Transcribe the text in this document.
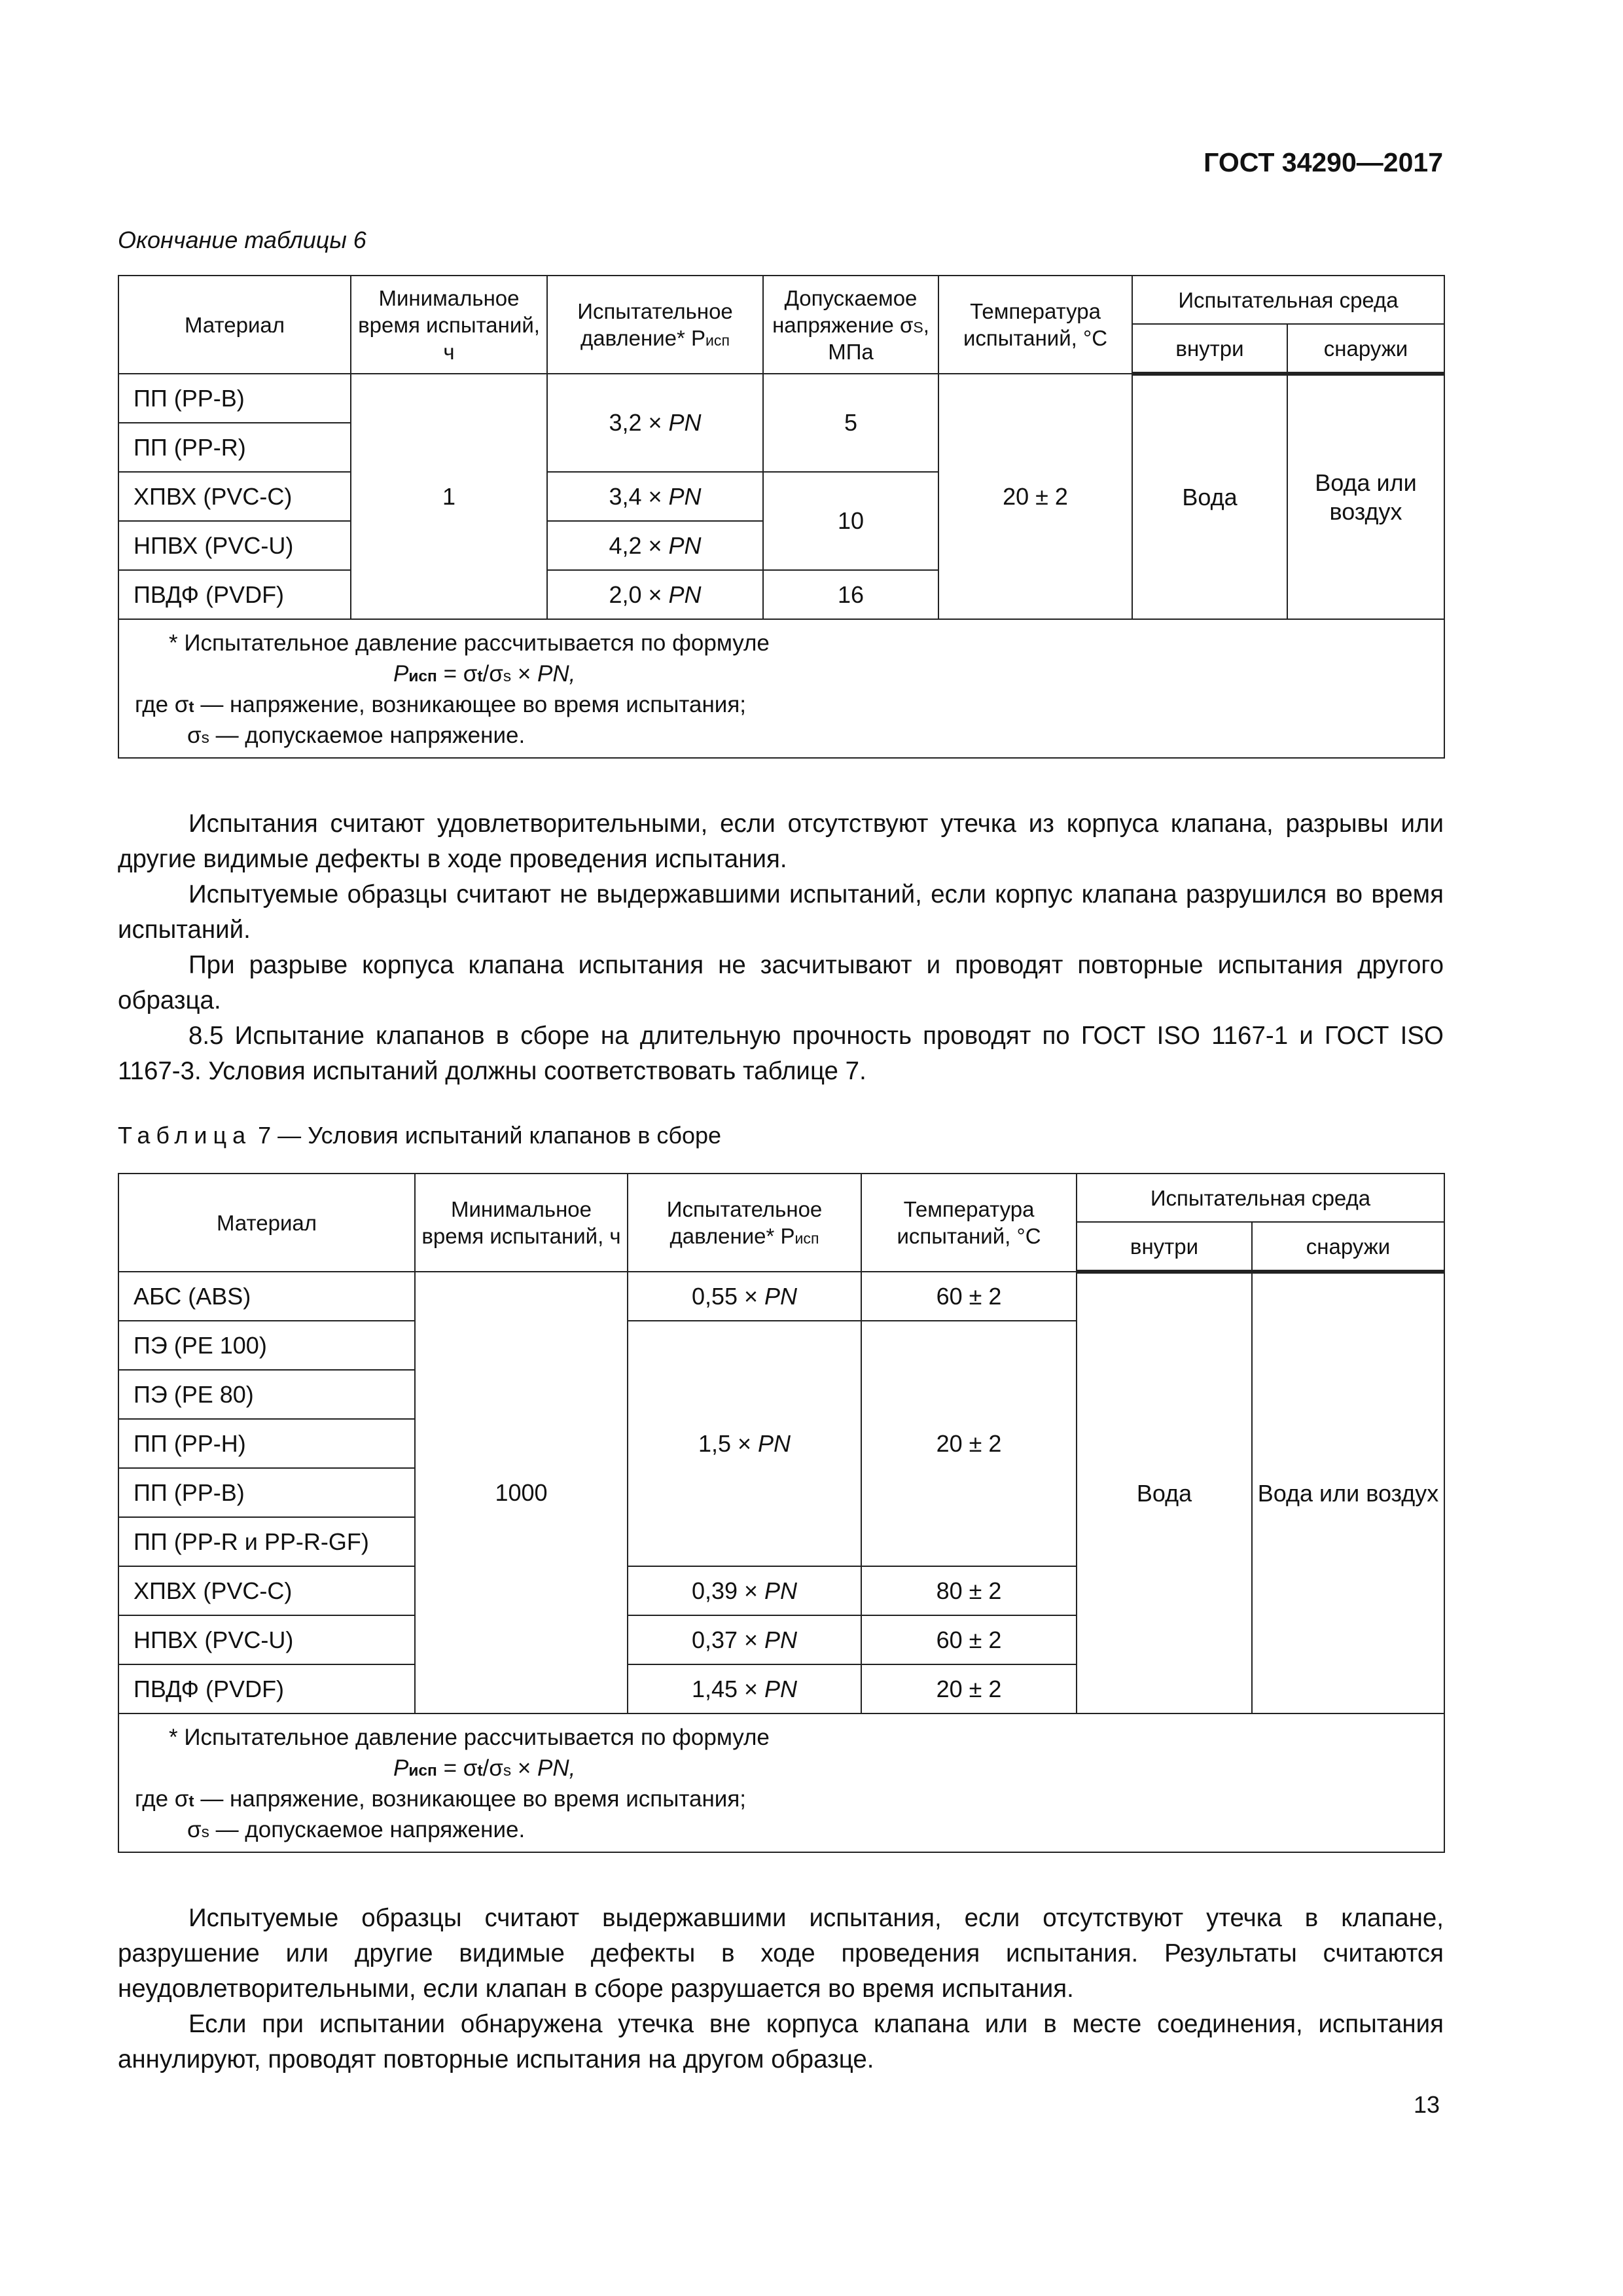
ГОСТ 34290—2017
Окончание таблицы 6
Материал	Минимальное время испытаний, ч	Испытательное давление* $Р_{исп}$	Допускаемое напряжение $\sigma_S$, МПа	Температура испытаний, °С	Испытательная среда	
					внутри	снаружи
ПП (PP-B)	1	3,2 × PN	5	20 ± 2	Вода	Вода или воздух
ПП (PP-R)						
ХПВХ (PVC-C)		3,4 × PN	10			
НПВХ (PVC-U)		4,2 × PN				
ПВДФ (PVDF)		2,0 × PN	16			

* Испытательное давление рассчитывается по формуле
$Р_{исп} = \sigma_t/\sigma_s$ × PN,
где $\sigma_t$ — напряжение, возникающее во время испытания;
$\sigma_s$ — допускаемое напряжение.						
Испытания считают удовлетворительными, если отсутствуют утечка из корпуса клапана, разрывы или другие видимые дефекты в ходе проведения испытания.
Испытуемые образцы считают не выдержавшими испытаний, если корпус клапана разрушился во время испытаний.
При разрыве корпуса клапана испытания не засчитывают и проводят повторные испытания другого образца.
8.5 Испытание клапанов в сборе на длительную прочность проводят по ГОСТ ISO 1167-1 и ГОСТ ISO 1167-3. Условия испытаний должны соответствовать таблице 7.
Таблица 7 — Условия испытаний клапанов в сборе
Материал	Минимальное время испытаний, ч	Испытательное давление* $Р_{исп}$	Температура испытаний, °С	Испытательная среда	
				внутри	снаружи
АБС (ABS)	1000	0,55 × PN	60 ± 2	Вода	Вода или воздух
ПЭ (PE 100)		1,5 × PN	20 ± 2		
ПЭ (PE 80)					
ПП (PP-H)					
ПП (PP-B)					
ПП (PP-R и PP-R-GF)					
ХПВХ (PVC-C)		0,39 × PN	80 ± 2		
НПВХ (PVC-U)		0,37 × PN	60 ± 2		
ПВДФ (PVDF)		1,45 × PN	20 ± 2		

* Испытательное давление рассчитывается по формуле
$Р_{исп} = \sigma_t/\sigma_s$ × PN,
где $\sigma_t$ — напряжение, возникающее во время испытания;
$\sigma_s$ — допускаемое напряжение.					
Испытуемые образцы считают выдержавшими испытания, если отсутствуют утечка в клапане, разрушение или другие видимые дефекты в ходе проведения испытания. Результаты считаются неудовлетворительными, если клапан в сборе разрушается во время испытания.
Если при испытании обнаружена утечка вне корпуса клапана или в месте соединения, испытания аннулируют, проводят повторные испытания на другом образце.
13
